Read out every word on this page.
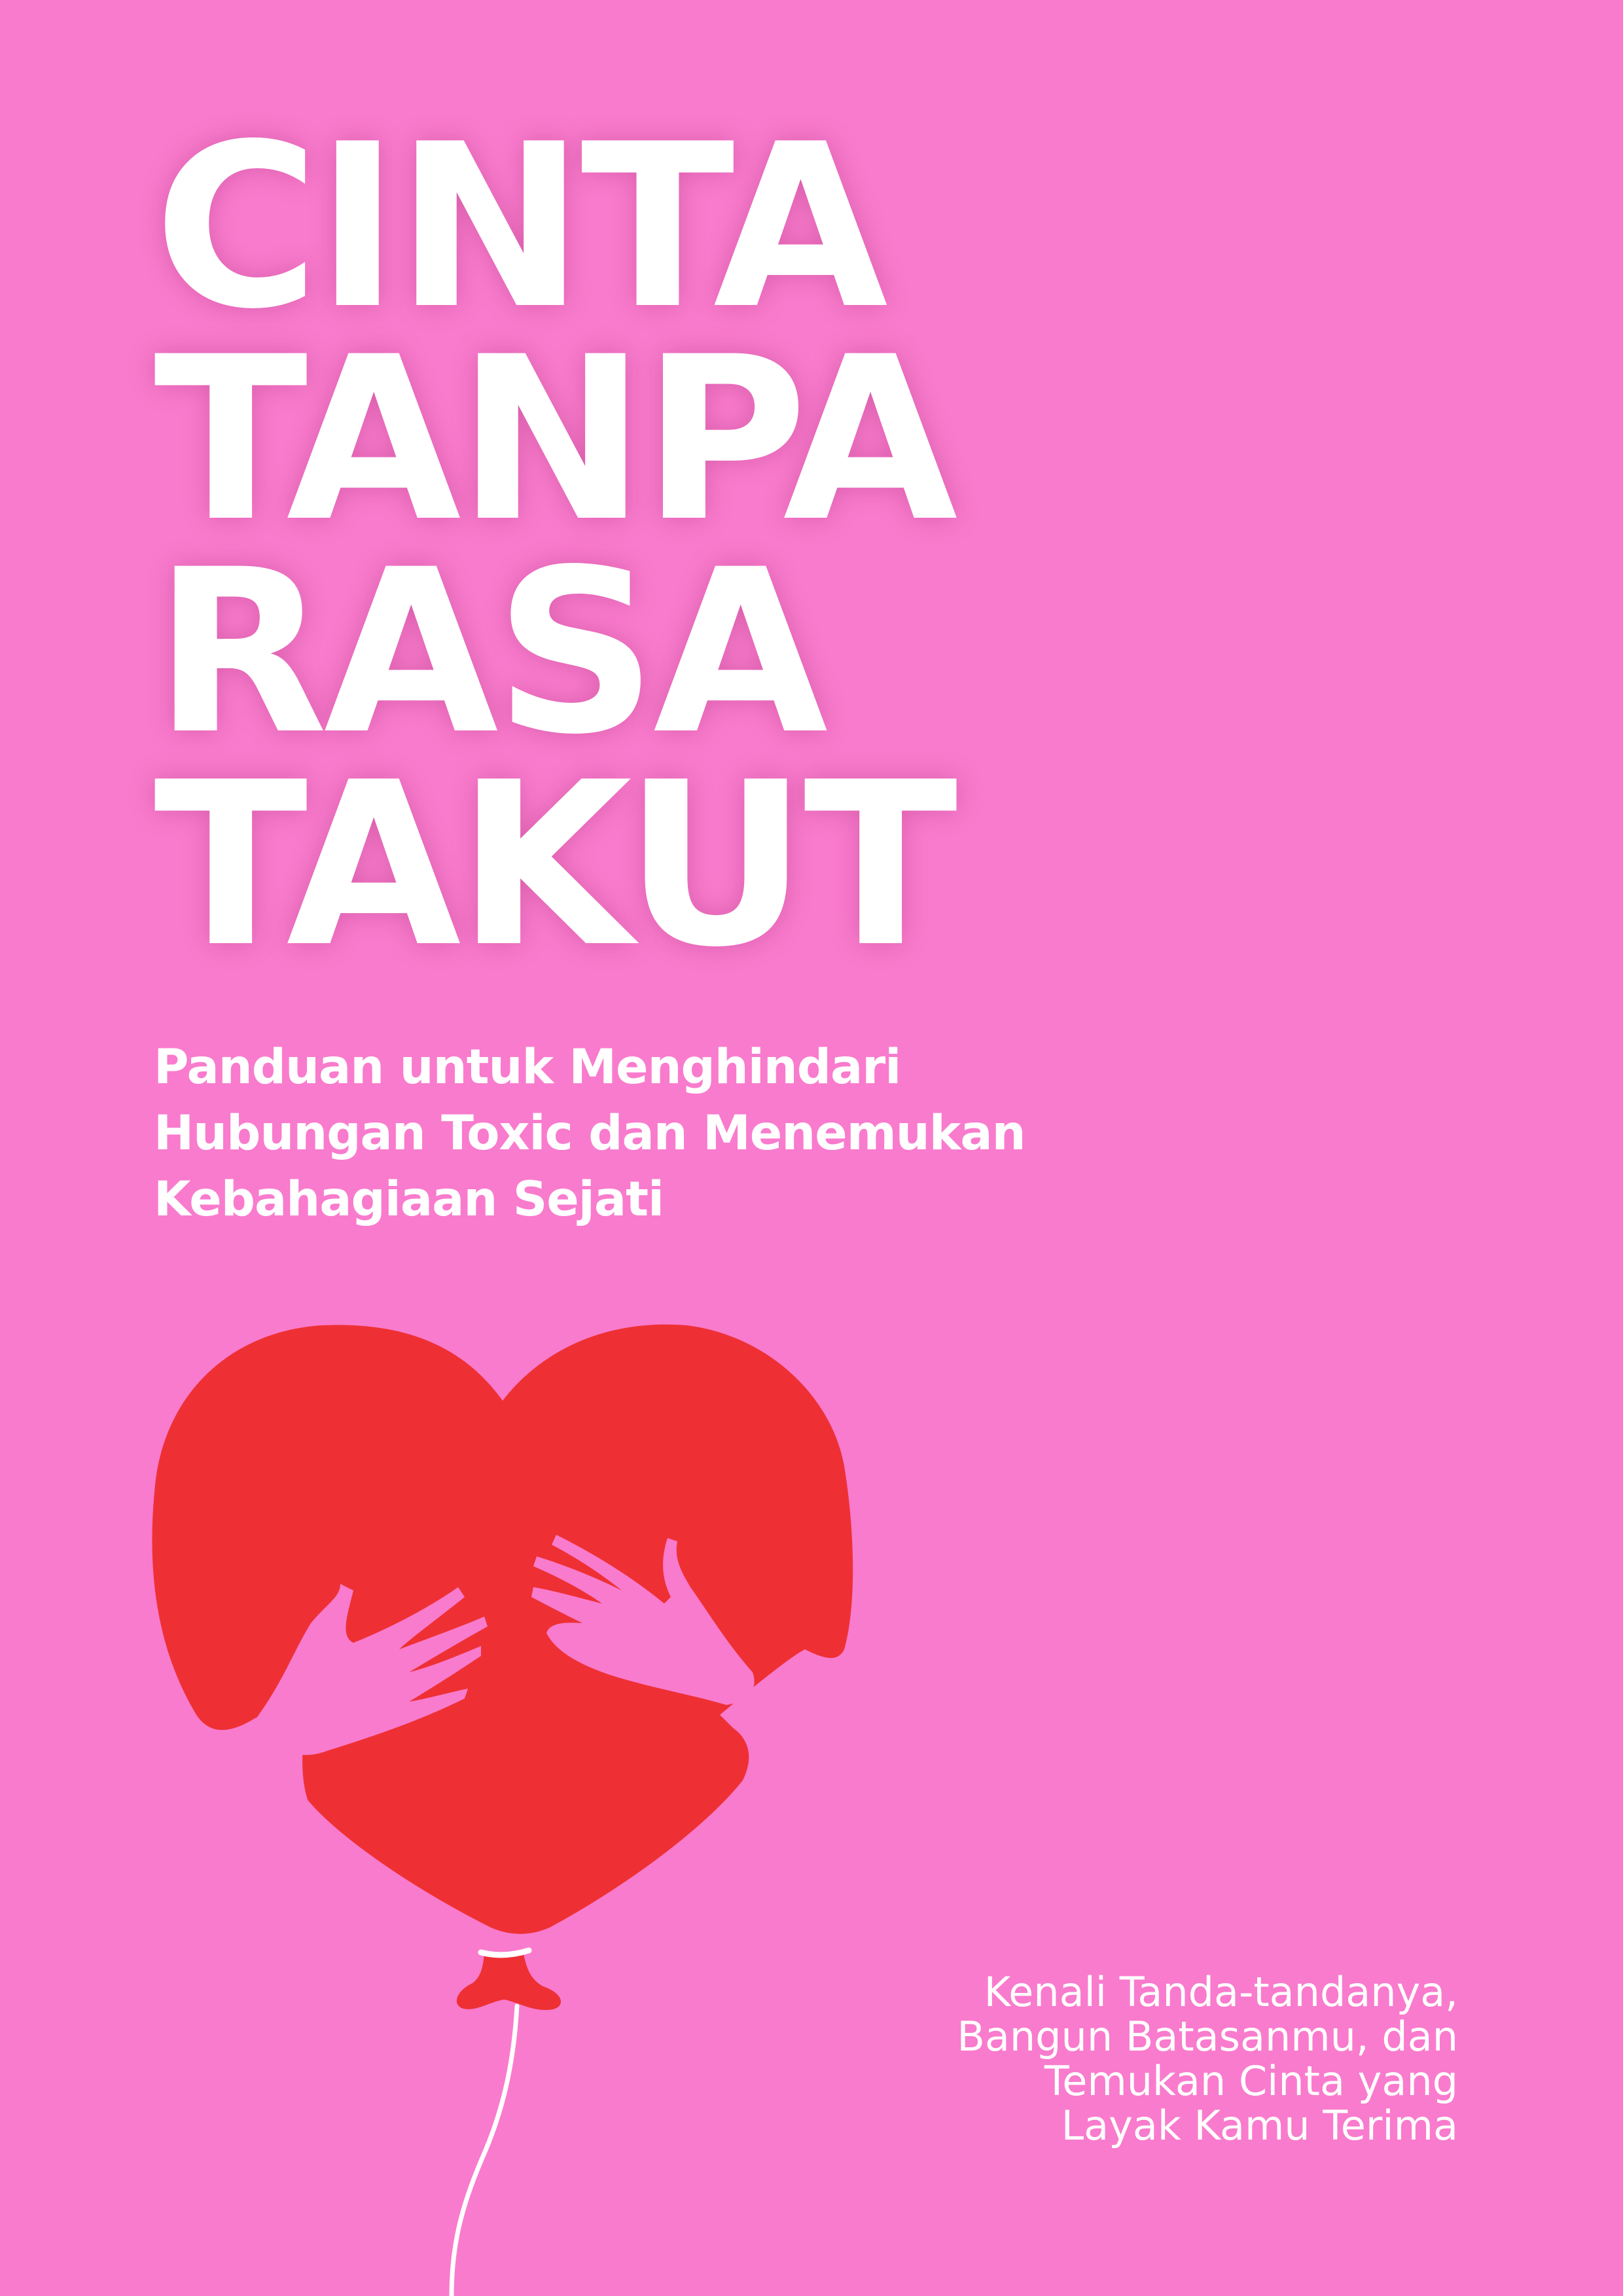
CINTA
TANPA
RASA
TAKUT

Panduan untuk Menghindari
Hubungan Toxic dan Menemukan
Kebahagiaan Sejati

Kenali Tanda-tandanya,
Bangun Batasanmu, dan
Temukan Cinta yang
Layak Kamu Terima
